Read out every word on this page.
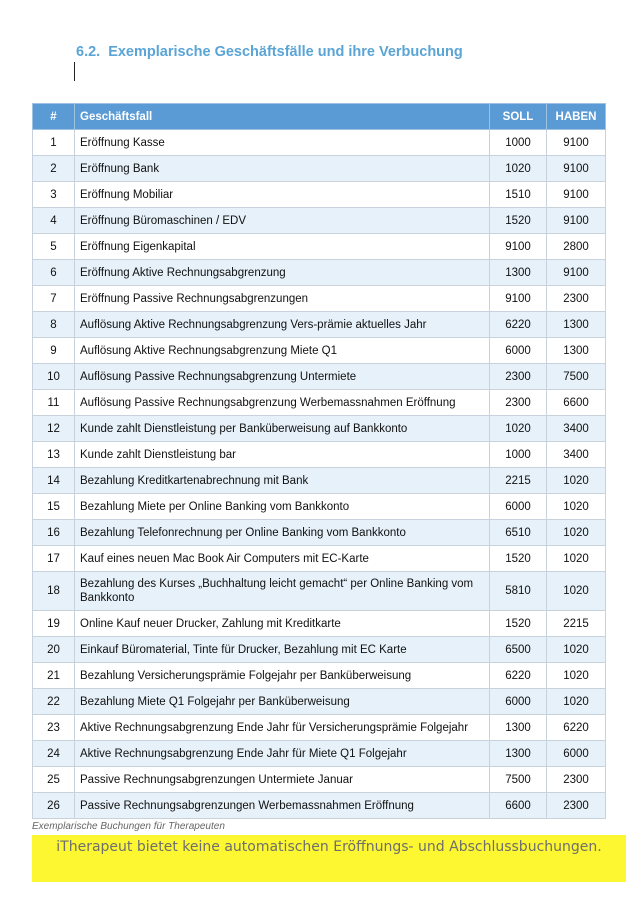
6.2. Exemplarische Geschäftsfälle und ihre Verbuchung
#	Geschäftsfall	SOLL	HABEN
1	Eröffnung Kasse	1000	9100
2	Eröffnung Bank	1020	9100
3	Eröffnung Mobiliar	1510	9100
4	Eröffnung Büromaschinen / EDV	1520	9100
5	Eröffnung Eigenkapital	9100	2800
6	Eröffnung Aktive Rechnungsabgrenzung	1300	9100
7	Eröffnung Passive Rechnungsabgrenzungen	9100	2300
8	Auflösung Aktive Rechnungsabgrenzung Vers-prämie aktuelles Jahr	6220	1300
9	Auflösung Aktive Rechnungsabgrenzung Miete Q1	6000	1300
10	Auflösung Passive Rechnungsabgrenzung Untermiete	2300	7500
11	Auflösung Passive Rechnungsabgrenzung Werbemassnahmen Eröffnung	2300	6600
12	Kunde zahlt Dienstleistung per Banküberweisung auf Bankkonto	1020	3400
13	Kunde zahlt Dienstleistung bar	1000	3400
14	Bezahlung Kreditkartenabrechnung mit Bank	2215	1020
15	Bezahlung Miete per Online Banking vom Bankkonto	6000	1020
16	Bezahlung Telefonrechnung per Online Banking vom Bankkonto	6510	1020
17	Kauf eines neuen Mac Book Air Computers mit EC-Karte	1520	1020
18	Bezahlung des Kurses „Buchhaltung leicht gemacht“ per Online Banking vom Bankkonto	5810	1020
19	Online Kauf neuer Drucker, Zahlung mit Kreditkarte	1520	2215
20	Einkauf Büromaterial, Tinte für Drucker, Bezahlung mit EC Karte	6500	1020
21	Bezahlung Versicherungsprämie Folgejahr per Banküberweisung	6220	1020
22	Bezahlung Miete Q1 Folgejahr per Banküberweisung	6000	1020
23	Aktive Rechnungsabgrenzung Ende Jahr für Versicherungsprämie Folgejahr	1300	6220
24	Aktive Rechnungsabgrenzung Ende Jahr für Miete Q1 Folgejahr	1300	6000
25	Passive Rechnungsabgrenzungen Untermiete Januar	7500	2300
26	Passive Rechnungsabgrenzungen Werbemassnahmen Eröffnung	6600	2300

Exemplarische Buchungen für Therapeuten

iTherapeut bietet keine automatischen Eröffnungs- und Abschlussbuchungen.
